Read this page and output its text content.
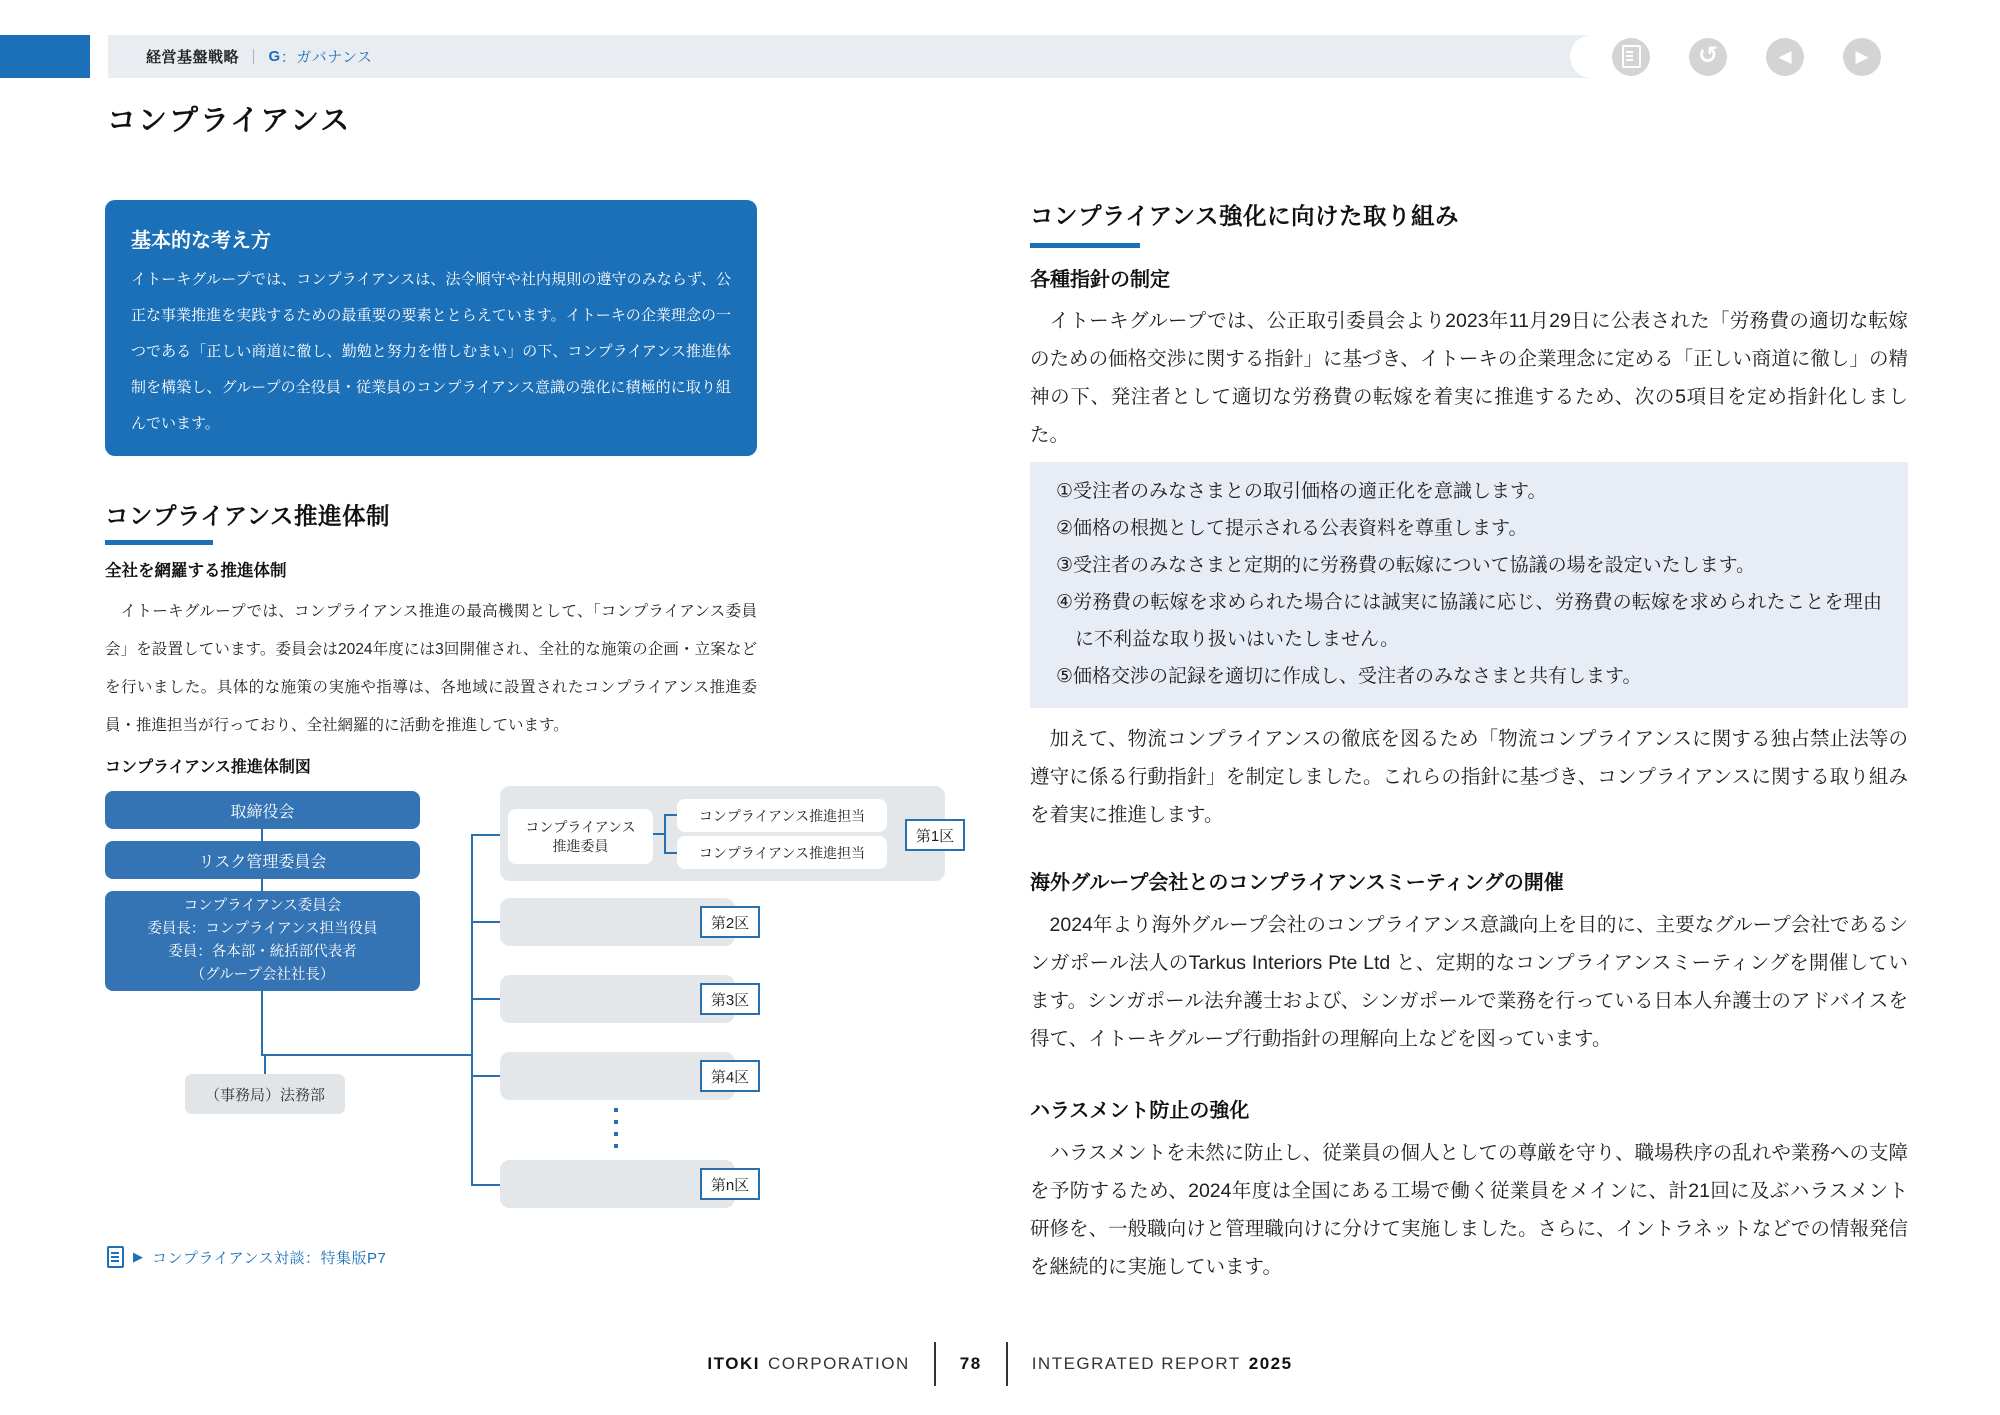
経営基盤戦略 ｜ G ：ガバナンス	↺	◀	▶
コンプライアンス
基本的な考え方
イトーキグループでは、コンプライアンスは、法令順守や社内規則の遵守のみならず、公正な事業推進を実践するための最重要の要素ととらえています。イトーキの企業理念の一つである「正しい商道に徹し、勤勉と努力を惜しむまい」の下、コンプライアンス推進体制を構築し、グループの全役員・従業員のコンプライアンス意識の強化に積極的に取り組んでいます。
コンプライアンス推進体制
全社を網羅する推進体制
イトーキグループでは、コンプライアンス推進の最高機関として、「コンプライアンス委員会」を設置しています。委員会は2024年度には3回開催され、全社的な施策の企画・立案などを行いました。具体的な施策の実施や指導は、各地域に設置されたコンプライアンス推進委員・推進担当が行っており、全社網羅的に活動を推進しています。
コンプライアンス推進体制図
取締役会
リスク管理委員会
コンプライアンス委員会
委員長：コンプライアンス担当役員
委員：各本部・統括部代表者
（グループ会社社長）
（事務局）法務部
コンプライアンス
推進委員
コンプライアンス推進担当
コンプライアンス推進担当
第1区
第2区
第3区
第4区
第n区
▶ コンプライアンス対談：特集版P7
コンプライアンス強化に向けた取り組み
各種指針の制定
イトーキグループでは、公正取引委員会より2023年11月29日に公表された「労務費の適切な転嫁のための価格交渉に関する指針」に基づき、イトーキの企業理念に定める「正しい商道に徹し」の精神の下、発注者として適切な労務費の転嫁を着実に推進するため、次の5項目を定め指針化しました。
①受注者のみなさまとの取引価格の適正化を意識します。
②価格の根拠として提示される公表資料を尊重します。
③受注者のみなさまと定期的に労務費の転嫁について協議の場を設定いたします。
④労務費の転嫁を求められた場合には誠実に協議に応じ、労務費の転嫁を求められたことを理由に不利益な取り扱いはいたしません。
⑤価格交渉の記録を適切に作成し、受注者のみなさまと共有します。
加えて、物流コンプライアンスの徹底を図るため「物流コンプライアンスに関する独占禁止法等の遵守に係る行動指針」を制定しました。これらの指針に基づき、コンプライアンスに関する取り組みを着実に推進します。
海外グループ会社とのコンプライアンスミーティングの開催
2024年より海外グループ会社のコンプライアンス意識向上を目的に、主要なグループ会社であるシンガポール法人のTarkus Interiors Pte Ltd と、定期的なコンプライアンスミーティングを開催しています。シンガポール法弁護士および、シンガポールで業務を行っている日本人弁護士のアドバイスを得て、イトーキグループ行動指針の理解向上などを図っています。
ハラスメント防止の強化
ハラスメントを未然に防止し、従業員の個人としての尊厳を守り、職場秩序の乱れや業務への支障を予防するため、2024年度は全国にある工場で働く従業員をメインに、計21回に及ぶハラスメント研修を、一般職向けと管理職向けに分けて実施しました。さらに、イントラネットなどでの情報発信を継続的に実施しています。
ITOKI CORPORATION	78	INTEGRATED REPORT 2025
